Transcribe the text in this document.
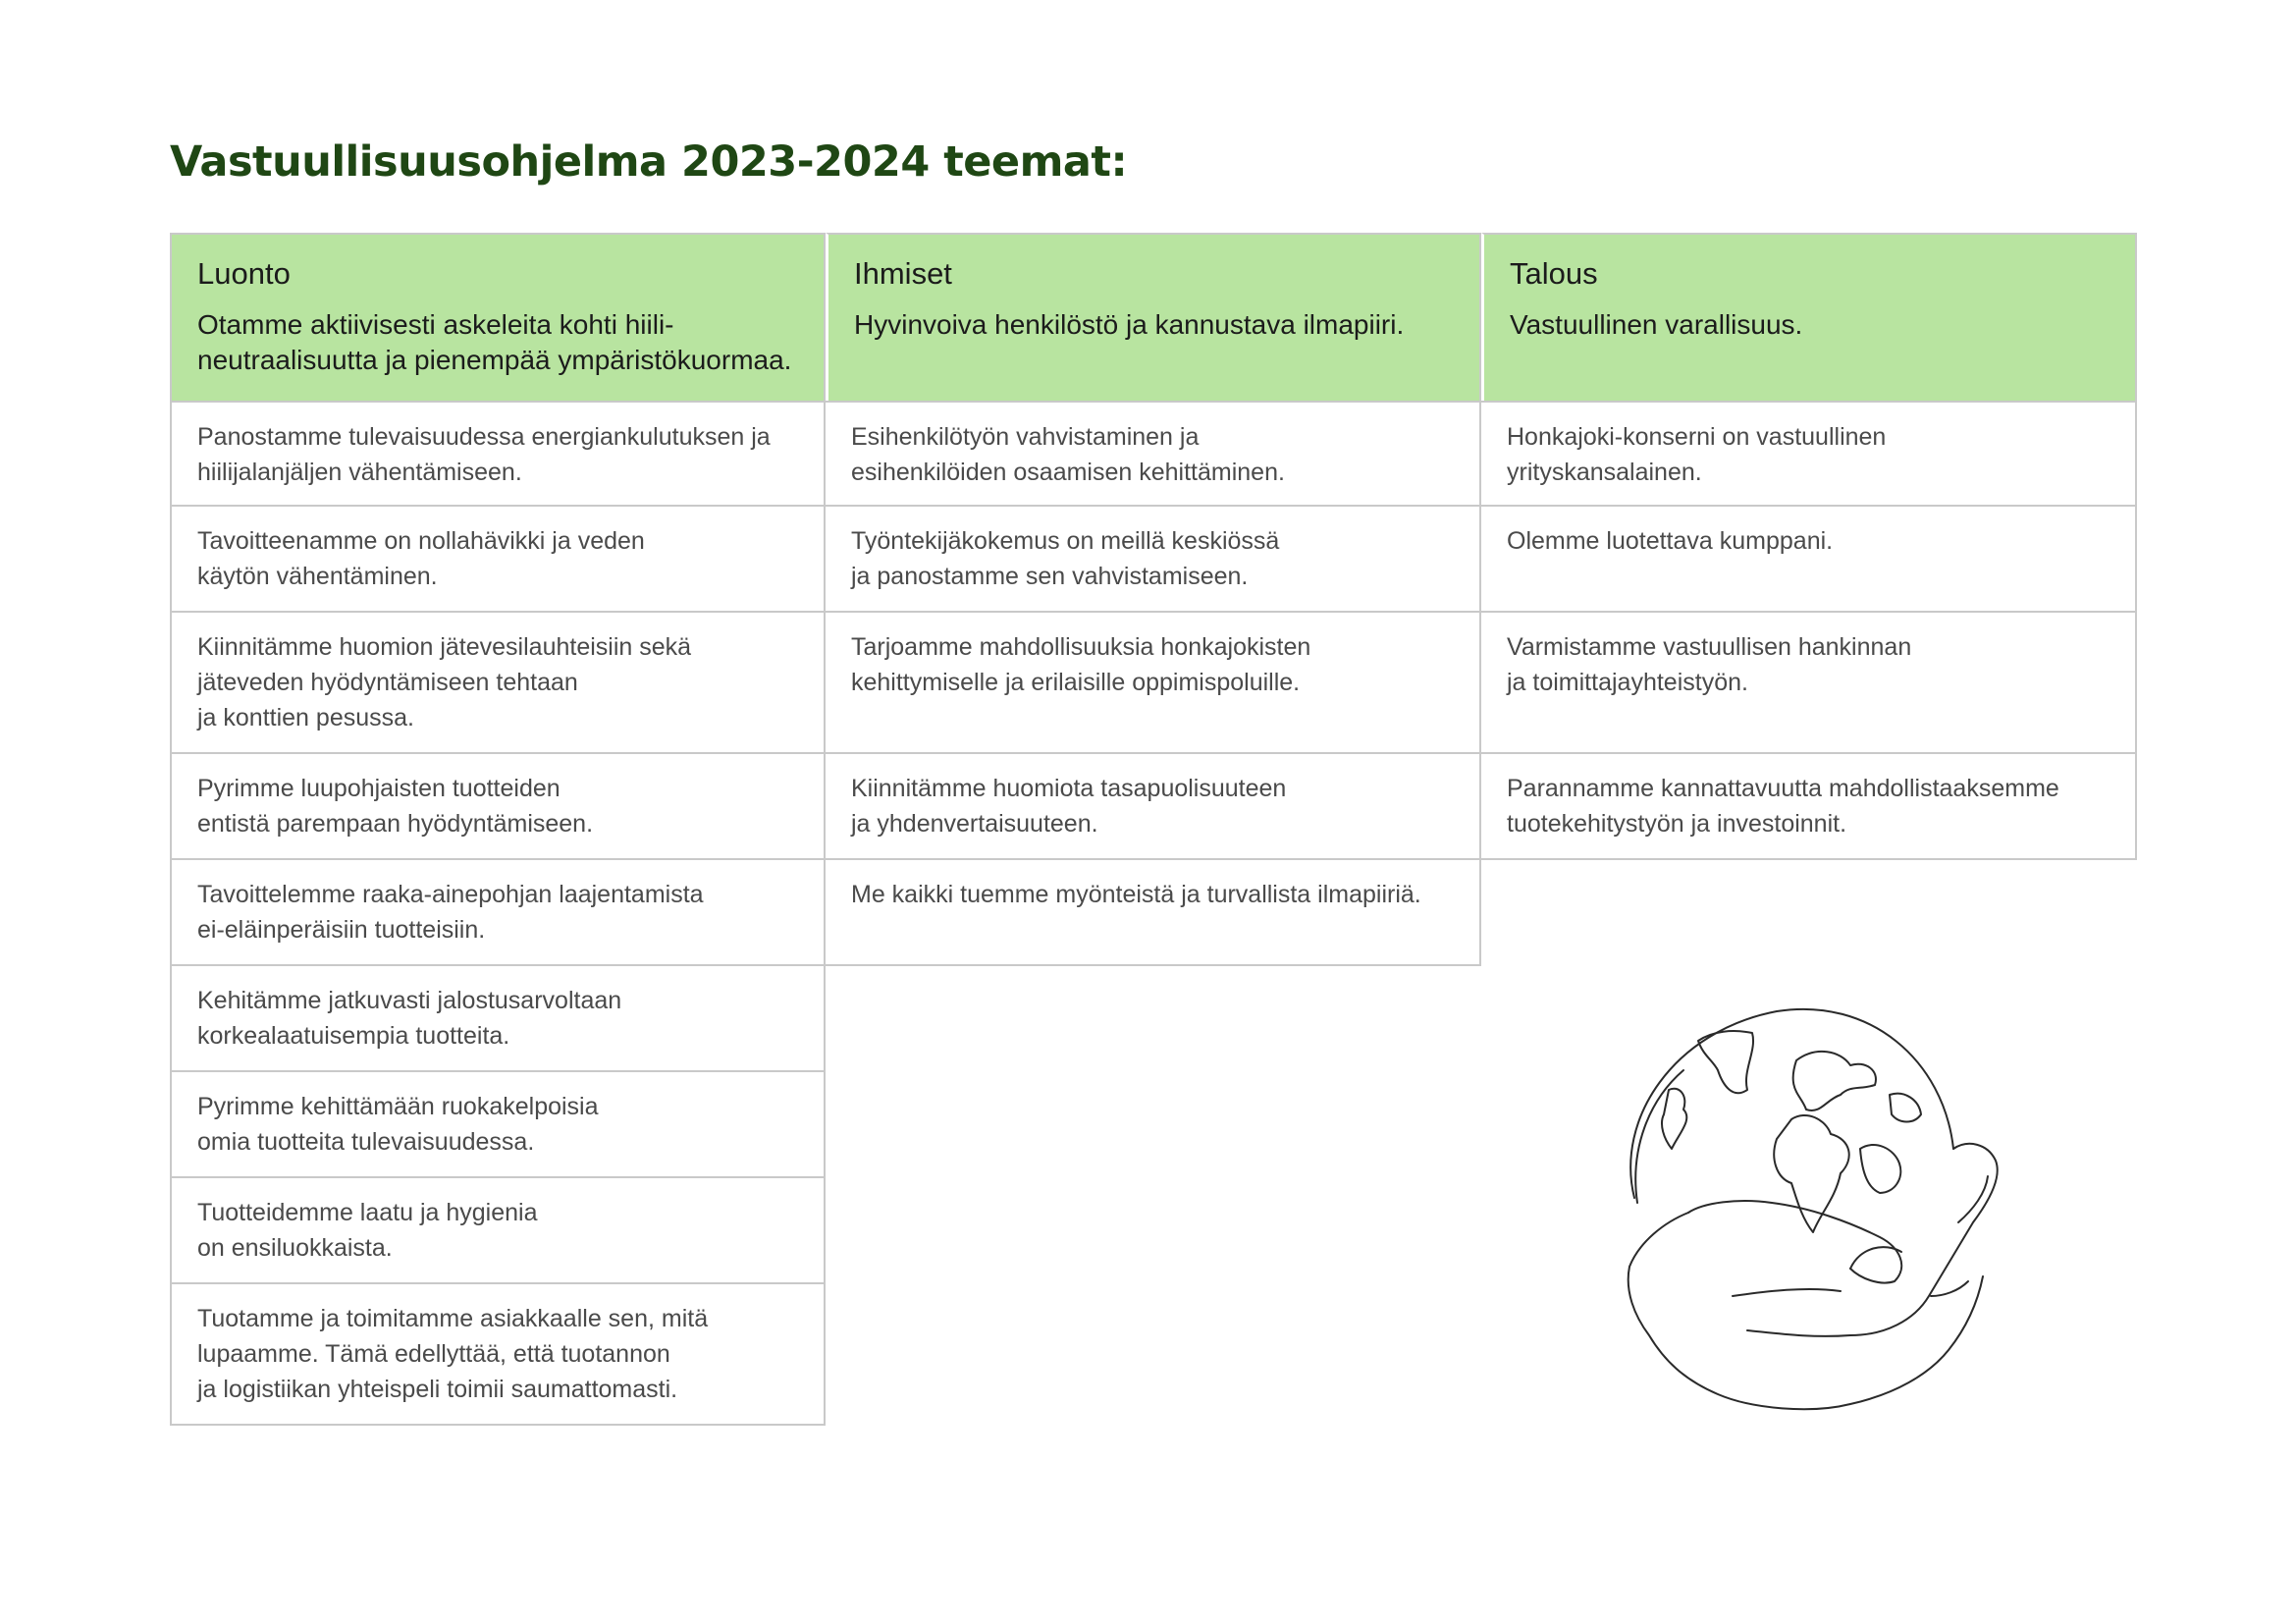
Vastuullisuusohjelma 2023-2024 teemat:
Luonto
Otamme aktiivisesti askeleita kohti hiili-
neutraalisuutta ja pienempää ympäristökuormaa.
Panostamme tulevaisuudessa energiankulutuksen ja
hiilijalanjäljen vähentämiseen.
Tavoitteenamme on nollahävikki ja veden
käytön vähentäminen.
Kiinnitämme huomion jätevesilauhteisiin sekä
jäteveden hyödyntämiseen tehtaan
ja konttien pesussa.
Pyrimme luupohjaisten tuotteiden
entistä parempaan hyödyntämiseen.
Tavoittelemme raaka-ainepohjan laajentamista
ei-eläinperäisiin tuotteisiin.
Kehitämme jatkuvasti jalostusarvoltaan
korkealaatuisempia tuotteita.
Pyrimme kehittämään ruokakelpoisia
omia tuotteita tulevaisuudessa.
Tuotteidemme laatu ja hygienia
on ensiluokkaista.
Tuotamme ja toimitamme asiakkaalle sen, mitä
lupaamme. Tämä edellyttää, että tuotannon
ja logistiikan yhteispeli toimii saumattomasti.
Ihmiset
Hyvinvoiva henkilöstö ja kannustava ilmapiiri.
Esihenkilötyön vahvistaminen ja
esihenkilöiden osaamisen kehittäminen.
Työntekijäkokemus on meillä keskiössä
ja panostamme sen vahvistamiseen.
Tarjoamme mahdollisuuksia honkajokisten
kehittymiselle ja erilaisille oppimispoluille.
Kiinnitämme huomiota tasapuolisuuteen
ja yhdenvertaisuuteen.
Me kaikki tuemme myönteistä ja turvallista ilmapiiriä.
Talous
Vastuullinen varallisuus.
Honkajoki-konserni on vastuullinen
yrityskansalainen.
Olemme luotettava kumppani.
Varmistamme vastuullisen hankinnan
ja toimittajayhteistyön.
Parannamme kannattavuutta mahdollistaaksemme
tuotekehitystyön ja investoinnit.
